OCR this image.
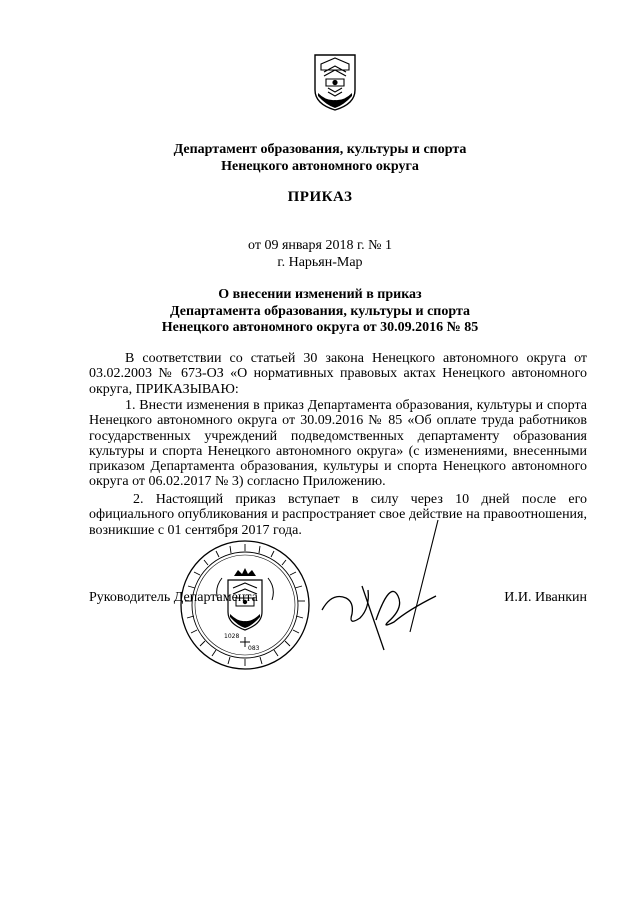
Департамент образования, культуры и спорта
Ненецкого автономного округа
ПРИКАЗ
от 09 января 2018 г. № 1
г. Нарьян-Мар
О внесении изменений в приказ
Департамента образования, культуры и спорта
Ненецкого автономного округа от 30.09.2016 № 85

В соответствии со статьей 30 закона Ненецкого автономного округа от 03.02.2003 № 673-ОЗ «О нормативных правовых актах Ненецкого автономного округа, ПРИКАЗЫВАЮ:

1. Внести изменения в приказ Департамента образования, культуры и спорта Ненецкого автономного округа от 30.09.2016 № 85 «Об оплате труда работников государственных учреждений подведомственных департаменту образования культуры и спорта Ненецкого автономного округа» (с изменениями, внесенными приказом Департамента образования, культуры и спорта Ненецкого автономного округа от 06.02.2017 № 3) согласно Приложению.

2. Настоящий приказ вступает в силу через 10 дней после его официального опубликования и распространяет свое действие на правоотношения, возникшие с 01 сентября 2017 года.

1028
083
Руководитель Департамента	И.И. Иванкин
